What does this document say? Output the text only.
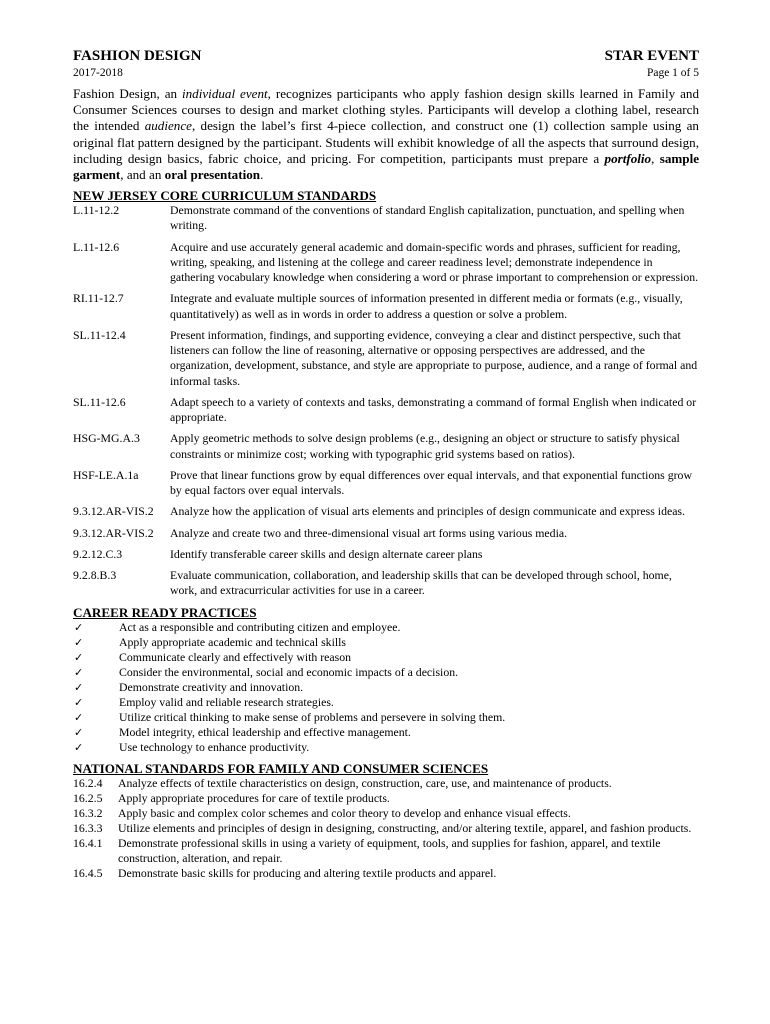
FASHION DESIGN	STAR EVENT
2017-2018	Page 1 of 5
Fashion Design, an individual event, recognizes participants who apply fashion design skills learned in Family and Consumer Sciences courses to design and market clothing styles. Participants will develop a clothing label, research the intended audience, design the label’s first 4-piece collection, and construct one (1) collection sample using an original flat pattern designed by the participant. Students will exhibit knowledge of all the aspects that surround design, including design basics, fabric choice, and pricing. For competition, participants must prepare a portfolio, sample garment, and an oral presentation.
NEW JERSEY CORE CURRICULUM STANDARDS
L.11-12.2	Demonstrate command of the conventions of standard English capitalization, punctuation, and spelling when writing.
L.11-12.6	Acquire and use accurately general academic and domain-specific words and phrases, sufficient for reading, writing, speaking, and listening at the college and career readiness level; demonstrate independence in gathering vocabulary knowledge when considering a word or phrase important to comprehension or expression.
RI.11-12.7	Integrate and evaluate multiple sources of information presented in different media or formats (e.g., visually, quantitatively) as well as in words in order to address a question or solve a problem.
SL.11-12.4	Present information, findings, and supporting evidence, conveying a clear and distinct perspective, such that listeners can follow the line of reasoning, alternative or opposing perspectives are addressed, and the organization, development, substance, and style are appropriate to purpose, audience, and a range of formal and informal tasks.
SL.11-12.6	Adapt speech to a variety of contexts and tasks, demonstrating a command of formal English when indicated or appropriate.
HSG-MG.A.3	Apply geometric methods to solve design problems (e.g., designing an object or structure to satisfy physical constraints or minimize cost; working with typographic grid systems based on ratios).
HSF-LE.A.1a	Prove that linear functions grow by equal differences over equal intervals, and that exponential functions grow by equal factors over equal intervals.
9.3.12.AR-VIS.2	Analyze how the application of visual arts elements and principles of design communicate and express ideas.
9.3.12.AR-VIS.2	Analyze and create two and three-dimensional visual art forms using various media.
9.2.12.C.3	Identify transferable career skills and design alternate career plans
9.2.8.B.3	Evaluate communication, collaboration, and leadership skills that can be developed through school, home, work, and extracurricular activities for use in a career.
CAREER READY PRACTICES
✓	Act as a responsible and contributing citizen and employee.
✓	Apply appropriate academic and technical skills
✓	Communicate clearly and effectively with reason
✓	Consider the environmental, social and economic impacts of a decision.
✓	Demonstrate creativity and innovation.
✓	Employ valid and reliable research strategies.
✓	Utilize critical thinking to make sense of problems and persevere in solving them.
✓	Model integrity, ethical leadership and effective management.
✓	Use technology to enhance productivity.
NATIONAL STANDARDS FOR FAMILY AND CONSUMER SCIENCES
16.2.4	Analyze effects of textile characteristics on design, construction, care, use, and maintenance of products.
16.2.5	Apply appropriate procedures for care of textile products.
16.3.2	Apply basic and complex color schemes and color theory to develop and enhance visual effects.
16.3.3	Utilize elements and principles of design in designing, constructing, and/or altering textile, apparel, and fashion products.
16.4.1	Demonstrate professional skills in using a variety of equipment, tools, and supplies for fashion, apparel, and textile construction, alteration, and repair.
16.4.5	Demonstrate basic skills for producing and altering textile products and apparel.
